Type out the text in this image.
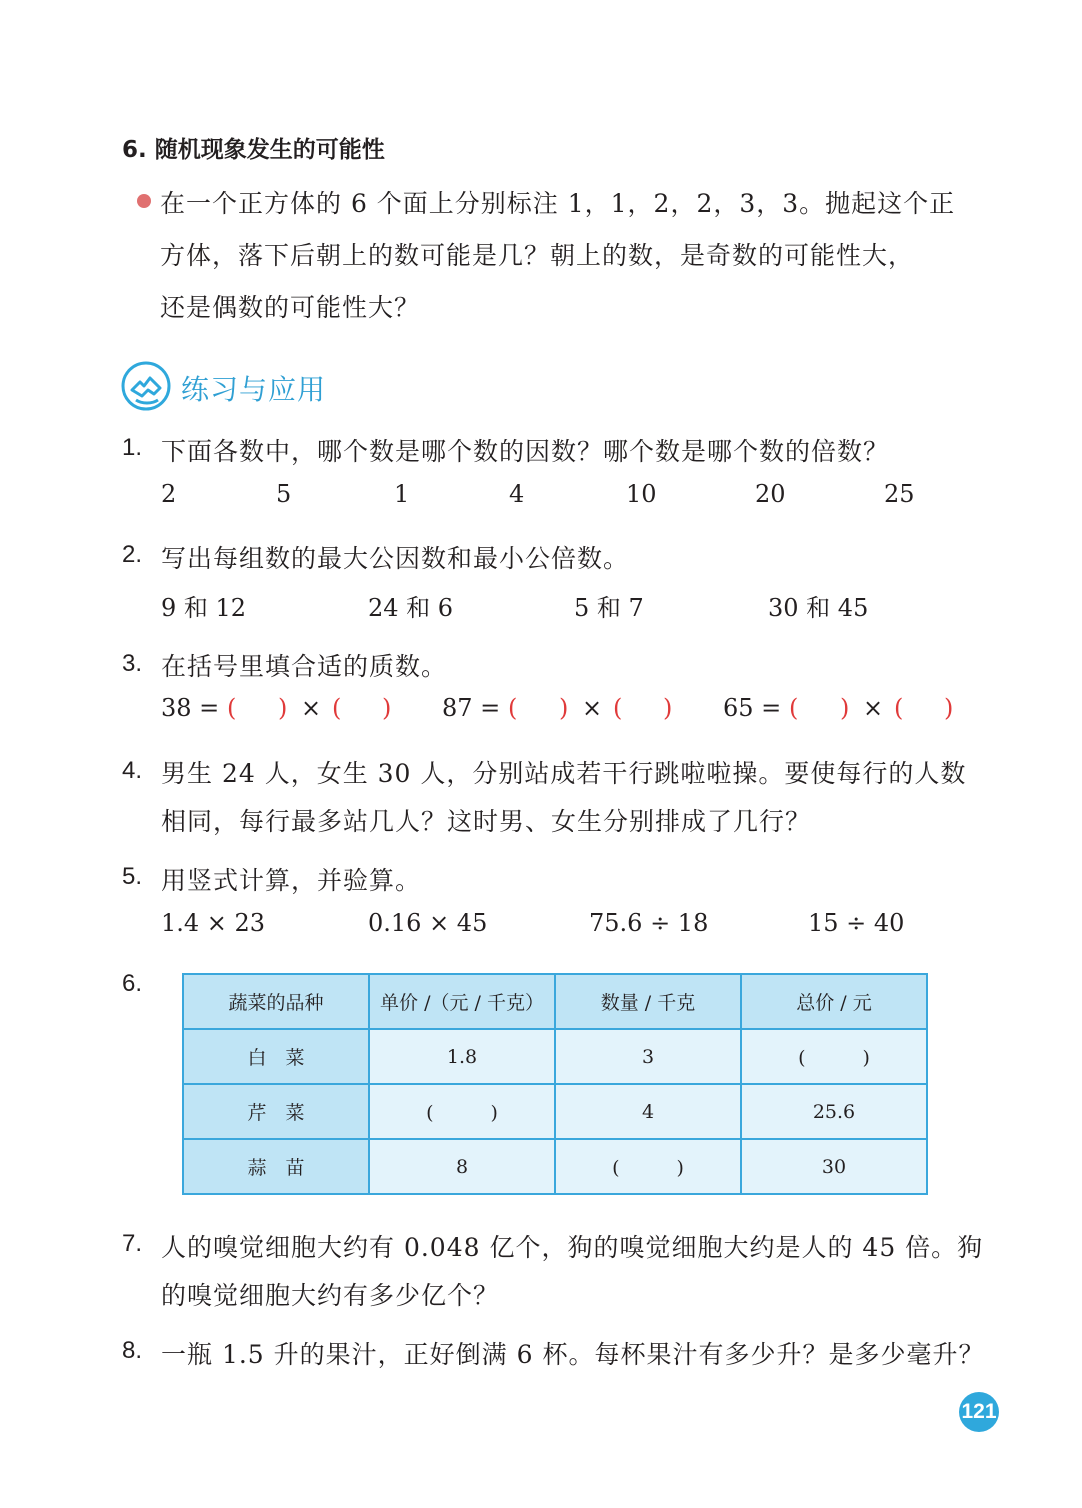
6. 随机现象发生的可能性
在一个正方体的 6 个面上分别标注 1，1，2，2，3，3。抛起这个正
方体，落下后朝上的数可能是几？朝上的数，是奇数的可能性大，
还是偶数的可能性大？
练习与应用
1. 下面各数中，哪个数是哪个数的因数？哪个数是哪个数的倍数？
2	5	1	4	10	20	25
2. 写出每组数的最大公因数和最小公倍数。
9 和 12	24 和 6	5 和 7	30 和 45
3. 在括号里填合适的质数。
38 = ( ) × ( ) 87 = ( ) × ( ) 65 = ( ) × ( )
4. 男生 24 人，女生 30 人，分别站成若干行跳啦啦操。要使每行的人数
相同，每行最多站几人？这时男、女生分别排成了几行？
5. 用竖式计算，并验算。
1.4 × 23	0.16 × 45	75.6 ÷ 18	15 ÷ 40
6.
蔬菜的品种	单价 /（元 / 千克）	数量 / 千克	总价 / 元
白　菜	1.8	3	(　　　)
芹　菜	(　　　)	4	25.6
蒜　苗	8	(　　　)	30
7. 人的嗅觉细胞大约有 0.048 亿个，狗的嗅觉细胞大约是人的 45 倍。狗
的嗅觉细胞大约有多少亿个？
8. 一瓶 1.5 升的果汁，正好倒满 6 杯。每杯果汁有多少升？是多少毫升？
121
